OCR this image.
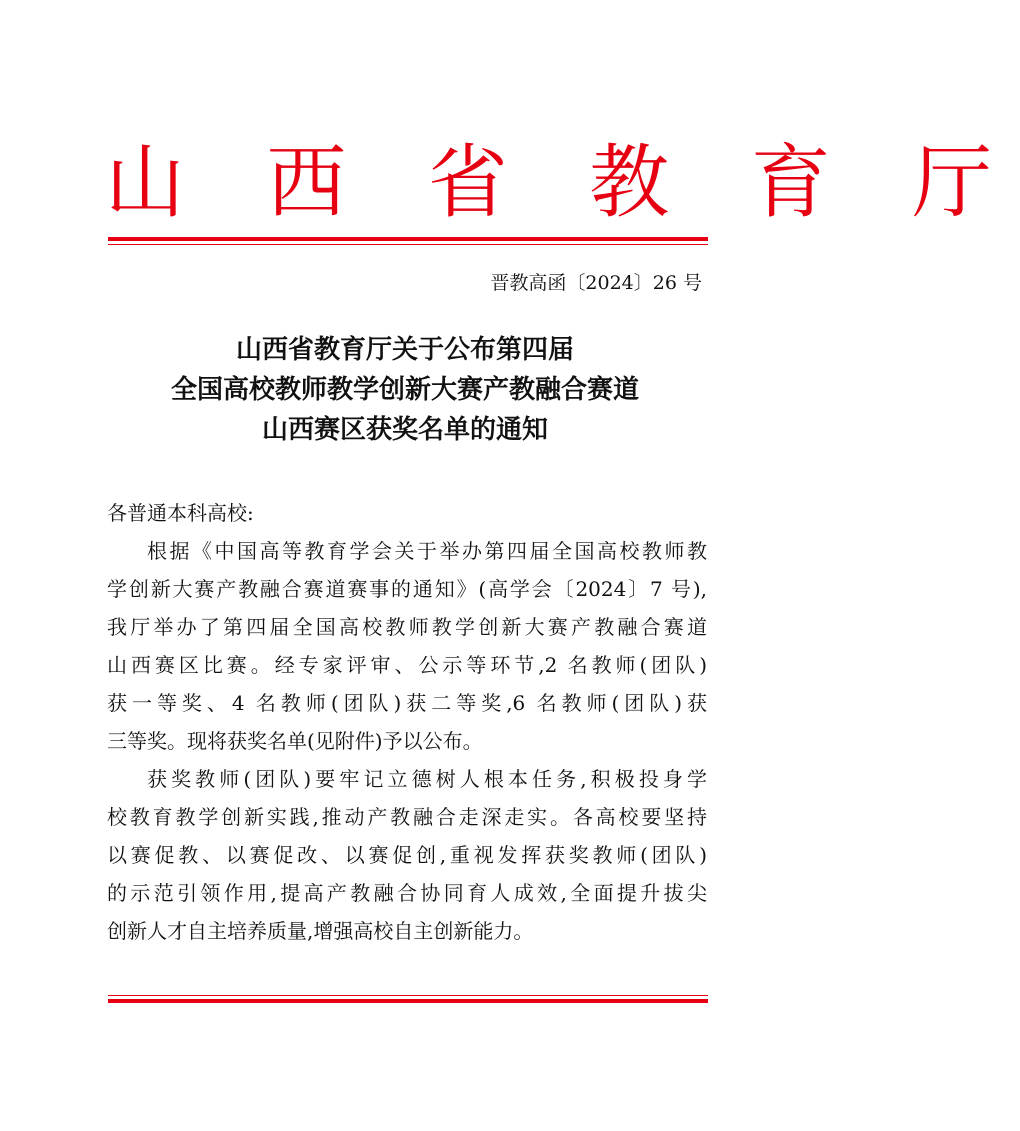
山 西 省 教 育 厅
晋教高函〔2024〕26 号
山西省教育厅关于公布第四届
全国高校教师教学创新大赛产教融合赛道
山西赛区获奖名单的通知

各普通本科高校:

根据《中国高等教育学会关于举办第四届全国高校教师教
学创新大赛产教融合赛道赛事的通知》(高学会〔2024〕7 号),
我厅举办了第四届全国高校教师教学创新大赛产教融合赛道
山西赛区比赛。经专家评审、公示等环节,2 名教师(团队)
获一等奖、4 名教师(团队)获二等奖,6 名教师(团队)获
三等奖。现将获奖名单(见附件)予以公布。

获奖教师(团队)要牢记立德树人根本任务,积极投身学
校教育教学创新实践,推动产教融合走深走实。各高校要坚持
以赛促教、以赛促改、以赛促创,重视发挥获奖教师(团队)
的示范引领作用,提高产教融合协同育人成效,全面提升拔尖
创新人才自主培养质量,增强高校自主创新能力。
